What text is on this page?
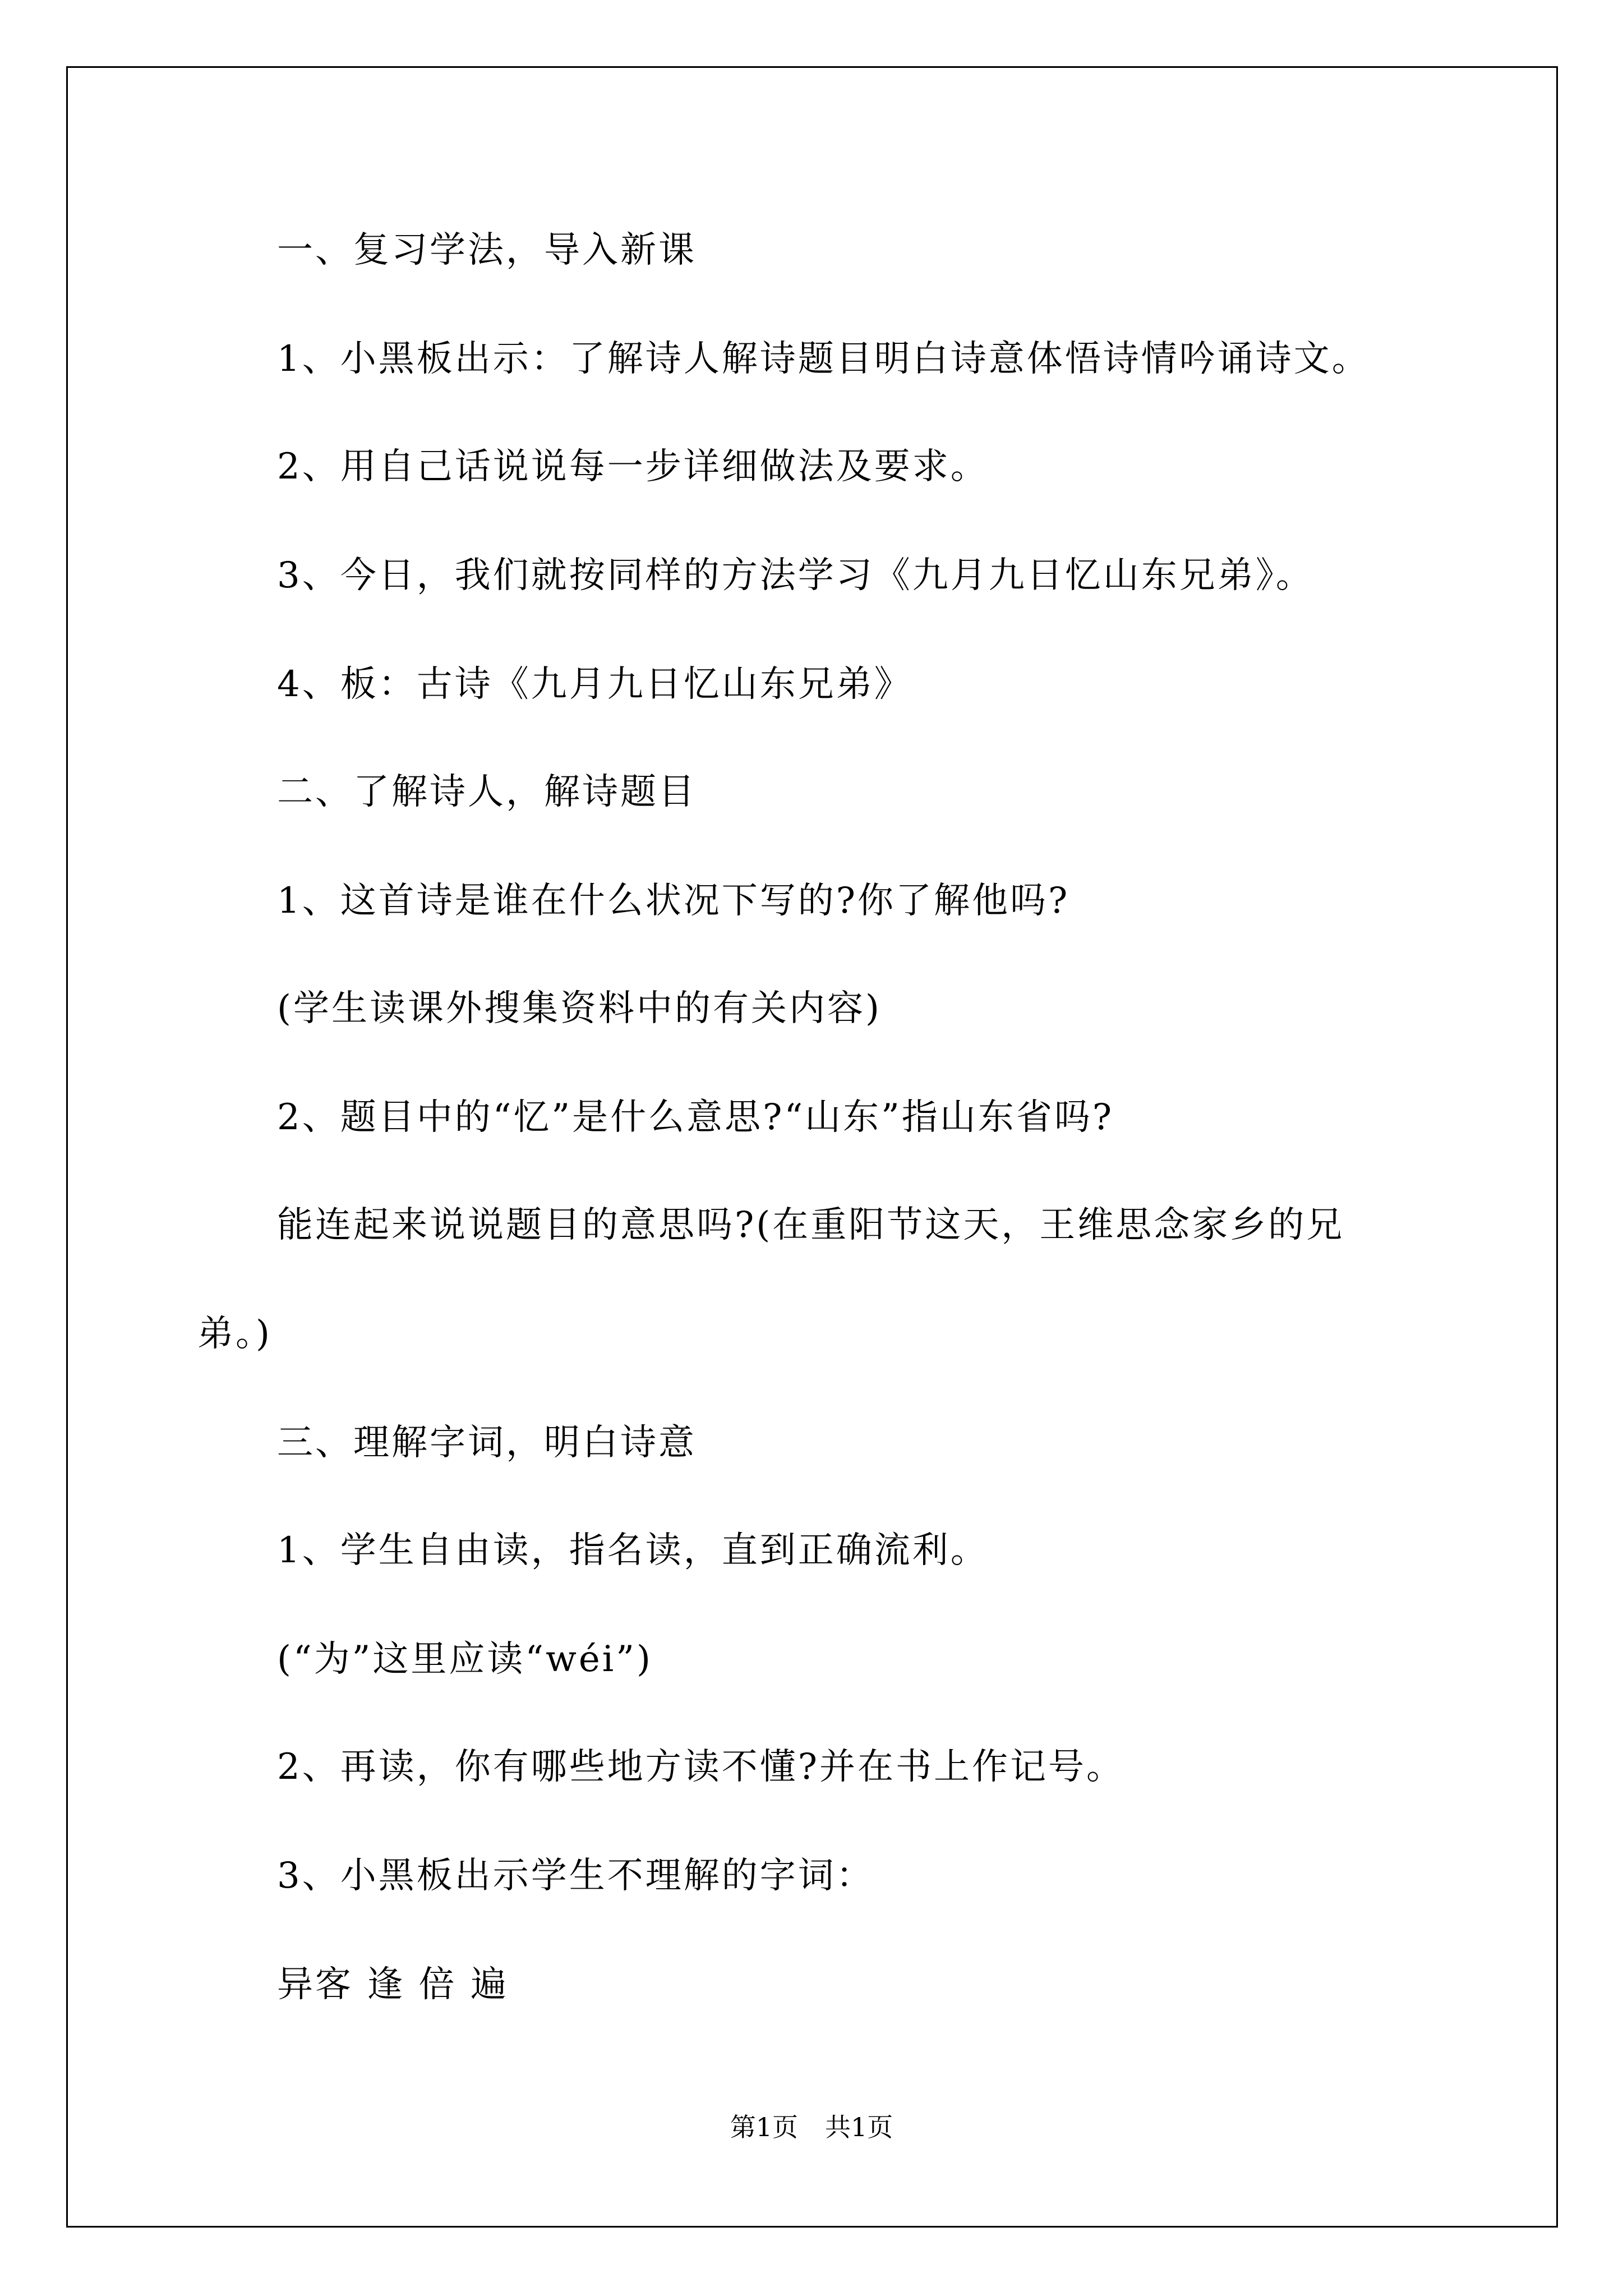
一、复习学法，导入新课
1、小黑板出示：了解诗人解诗题目明白诗意体悟诗情吟诵诗文。
2、用自己话说说每一步详细做法及要求。
3、今日，我们就按同样的方法学习《九月九日忆山东兄弟》。
4、板：古诗《九月九日忆山东兄弟》
二、了解诗人，解诗题目
1、这首诗是谁在什么状况下写的?你了解他吗?
(学生读课外搜集资料中的有关内容)
2、题目中的“忆”是什么意思?“山东”指山东省吗?
能连起来说说题目的意思吗?(在重阳节这天，王维思念家乡的兄
弟。)
三、理解字词，明白诗意
1、学生自由读，指名读，直到正确流利。
(“为”这里应读“wéi”)
2、再读，你有哪些地方读不懂?并在书上作记号。
3、小黑板出示学生不理解的字词：
异客 逢 倍 遍
第1页 共1页
